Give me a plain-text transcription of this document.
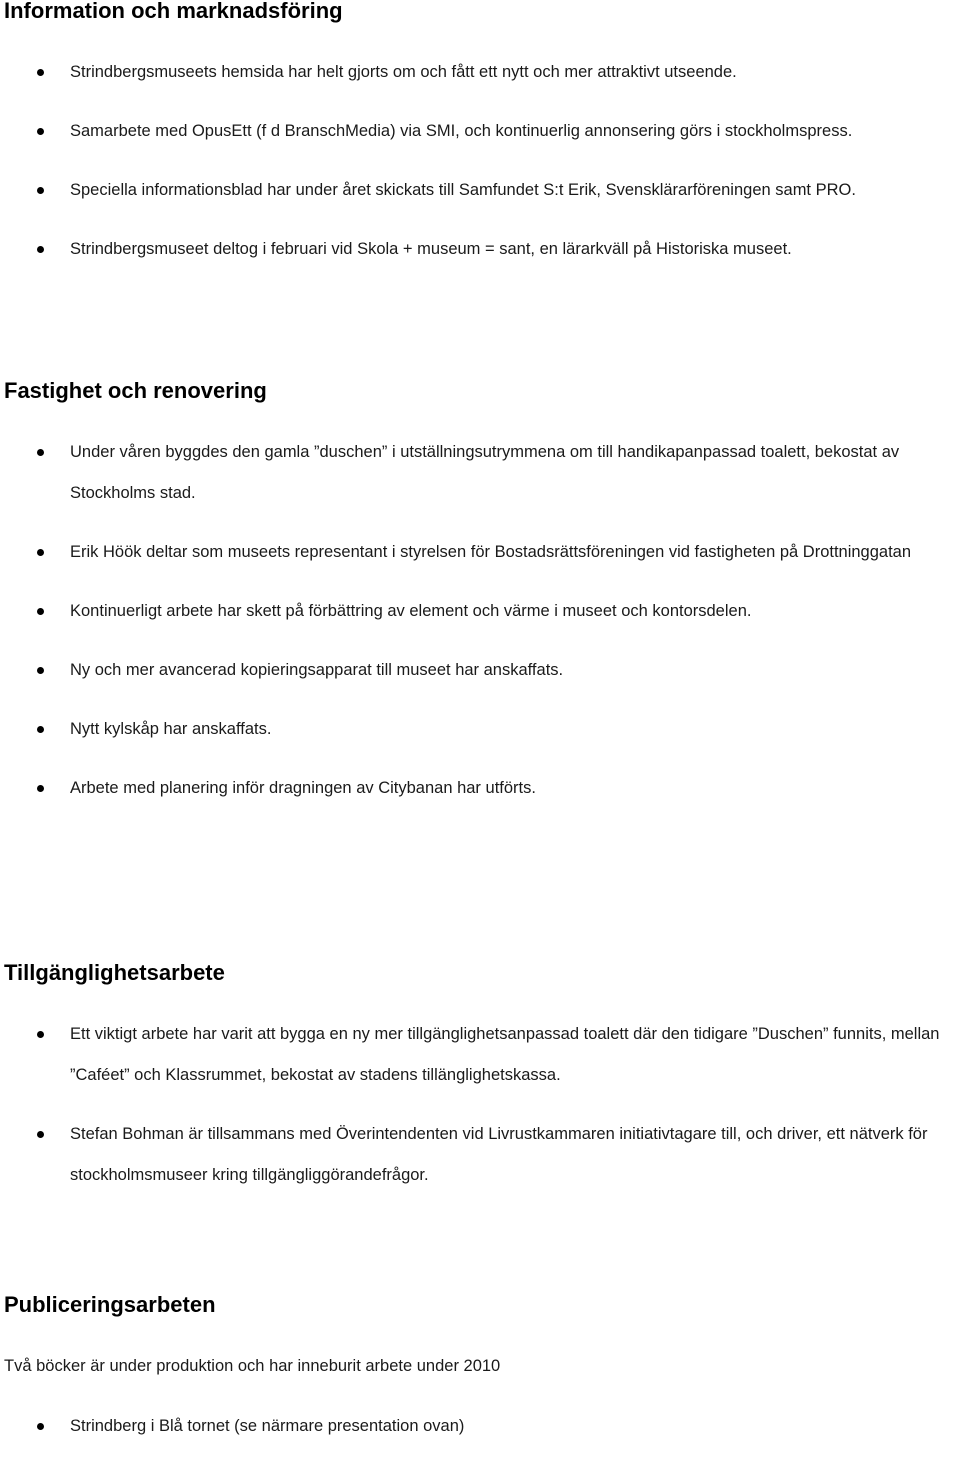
Information och marknadsföring
Strindbergsmuseets hemsida har helt gjorts om och fått ett nytt och mer attraktivt utseende.
Samarbete med OpusEtt (f d BranschMedia) via SMI, och kontinuerlig annonsering görs i stockholmspress.
Speciella informationsblad har under året skickats till Samfundet S:t Erik, Svensklärarföreningen samt PRO.
Strindbergsmuseet deltog i februari vid Skola + museum = sant, en lärarkväll på Historiska museet.
Fastighet och renovering
Under våren byggdes den gamla ”duschen” i utställningsutrymmena om till handikapanpassad toalett, bekostat av Stockholms stad.
Erik Höök deltar som museets representant i styrelsen för Bostadsrättsföreningen vid fastigheten på Drottninggatan
Kontinuerligt arbete har skett på förbättring av element och värme i museet och kontorsdelen.
Ny och mer avancerad kopieringsapparat till museet har anskaffats.
Nytt kylskåp har anskaffats.
Arbete med planering inför dragningen av Citybanan har utförts.
Tillgänglighetsarbete
Ett viktigt arbete har varit att bygga en ny mer tillgänglighetsanpassad toalett där den tidigare ”Duschen” funnits, mellan ”Caféet” och Klassrummet, bekostat av stadens tillänglighetskassa.
Stefan Bohman är tillsammans med Överintendenten vid Livrustkammaren initiativtagare till, och driver, ett nätverk för stockholmsmuseer kring tillgängliggörandefrågor.
Publiceringsarbeten

Två böcker är under produktion och har inneburit arbete under 2010

Strindberg i Blå tornet (se närmare presentation ovan)
